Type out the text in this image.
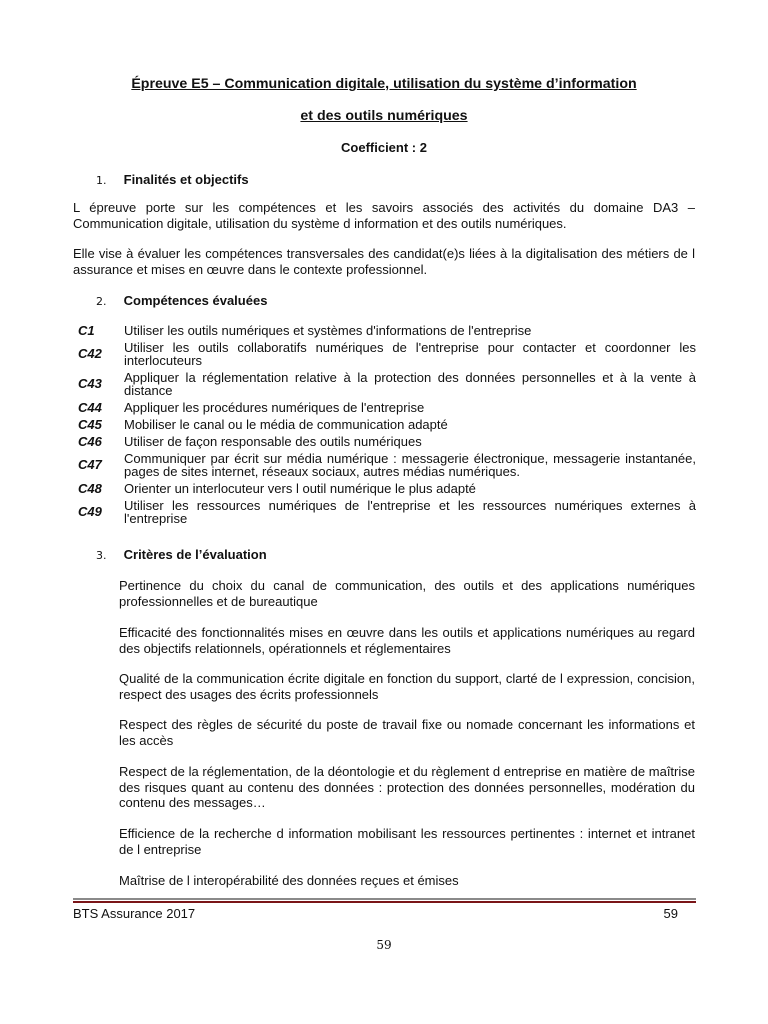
Épreuve E5 – Communication digitale, utilisation du système d’information
et des outils numériques
Coefficient : 2
1. Finalités et objectifs
L épreuve porte sur les compétences et les savoirs associés des activités du domaine DA3 – Communication digitale, utilisation du système d information et des outils numériques.
Elle vise à évaluer les compétences transversales des candidat(e)s liées à la digitalisation des métiers de l assurance et mises en œuvre dans le contexte professionnel.
2. Compétences évaluées
C1	Utiliser les outils numériques et systèmes d'informations de l'entreprise
C42	Utiliser les outils collaboratifs numériques de l'entreprise pour contacter et coordonner les interlocuteurs
C43	Appliquer la réglementation relative à la protection des données personnelles et à la vente à distance
C44	Appliquer les procédures numériques de l'entreprise
C45	Mobiliser le canal ou le média de communication adapté
C46	Utiliser de façon responsable des outils numériques
C47	Communiquer par écrit sur média numérique : messagerie électronique, messagerie instantanée, pages de sites internet, réseaux sociaux, autres médias numériques.
C48	Orienter un interlocuteur vers l outil numérique le plus adapté
C49	Utiliser les ressources numériques de l'entreprise et les ressources numériques externes à l'entreprise
3. Critères de l’évaluation
Pertinence du choix du canal de communication, des outils et des applications numériques professionnelles et de bureautique
Efficacité des fonctionnalités mises en œuvre dans les outils et applications numériques au regard des objectifs relationnels, opérationnels et réglementaires
Qualité de la communication écrite digitale en fonction du support, clarté de l expression, concision, respect des usages des écrits professionnels
Respect des règles de sécurité du poste de travail fixe ou nomade concernant les informations et les accès
Respect de la réglementation, de la déontologie et du règlement d entreprise en matière de maîtrise des risques quant au contenu des données : protection des données personnelles, modération du contenu des messages…
Efficience de la recherche d information mobilisant les ressources pertinentes : internet et intranet de l entreprise
Maîtrise de l interopérabilité des données reçues et émises
BTS Assurance 2017	59
59
